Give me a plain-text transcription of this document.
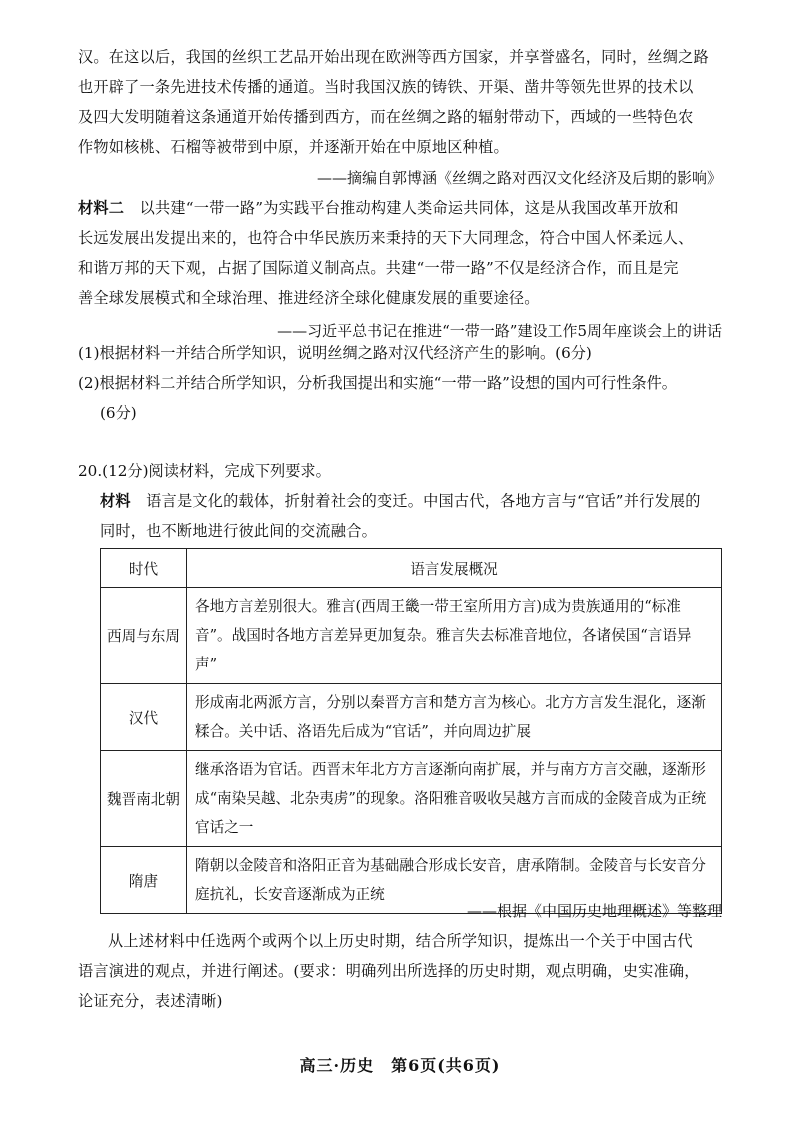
汉。在这以后，我国的丝织工艺品开始出现在欧洲等西方国家，并享誉盛名，同时，丝绸之路
也开辟了一条先进技术传播的通道。当时我国汉族的铸铁、开渠、凿井等领先世界的技术以
及四大发明随着这条通道开始传播到西方，而在丝绸之路的辐射带动下，西域的一些特色农
作物如核桃、石榴等被带到中原，并逐渐开始在中原地区种植。
——摘编自郭博涵《丝绸之路对西汉文化经济及后期的影响》
材料二　 以共建“一带一路”为实践平台推动构建人类命运共同体，这是从我国改革开放和
长远发展出发提出来的，也符合中华民族历来秉持的天下大同理念，符合中国人怀柔远人、
和谐万邦的天下观，占据了国际道义制高点。共建“一带一路”不仅是经济合作，而且是完
善全球发展模式和全球治理、推进经济全球化健康发展的重要途径。
——习近平总书记在推进“一带一路”建设工作5周年座谈会上的讲话
(1)根据材料一并结合所学知识，说明丝绸之路对汉代经济产生的影响。(6分)
(2)根据材料二并结合所学知识，分析我国提出和实施“一带一路”设想的国内可行性条件。
(6分)
20.(12分)阅读材料，完成下列要求。
材料　 语言是文化的载体，折射着社会的变迁。中国古代，各地方言与“官话”并行发展的
同时，也不断地进行彼此间的交流融合。
时代	语言发展概况
西周与东周	各地方言差别很大。雅言(西周王畿一带王室所用方言)成为贵族通用的“标准音”。战国时各地方言差异更加复杂。雅言失去标准音地位，各诸侯国“言语异声”
汉代	形成南北两派方言，分别以秦晋方言和楚方言为核心。北方方言发生混化，逐渐糅合。关中话、洛语先后成为“官话”，并向周边扩展
魏晋南北朝	继承洛语为官话。西晋末年北方方言逐渐向南扩展，并与南方方言交融，逐渐形成“南染吴越、北杂夷虏”的现象。洛阳雅音吸收吴越方言而成的金陵音成为正统官话之一
隋唐	隋朝以金陵音和洛阳正音为基础融合形成长安音，唐承隋制。金陵音与长安音分庭抗礼，长安音逐渐成为正统
——根据《中国历史地理概述》等整理
从上述材料中任选两个或两个以上历史时期，结合所学知识，提炼出一个关于中国古代
语言演进的观点，并进行阐述。(要求：明确列出所选择的历史时期，观点明确，史实准确，
论证充分，表述清晰)
高三·历史　第6页(共6页)
